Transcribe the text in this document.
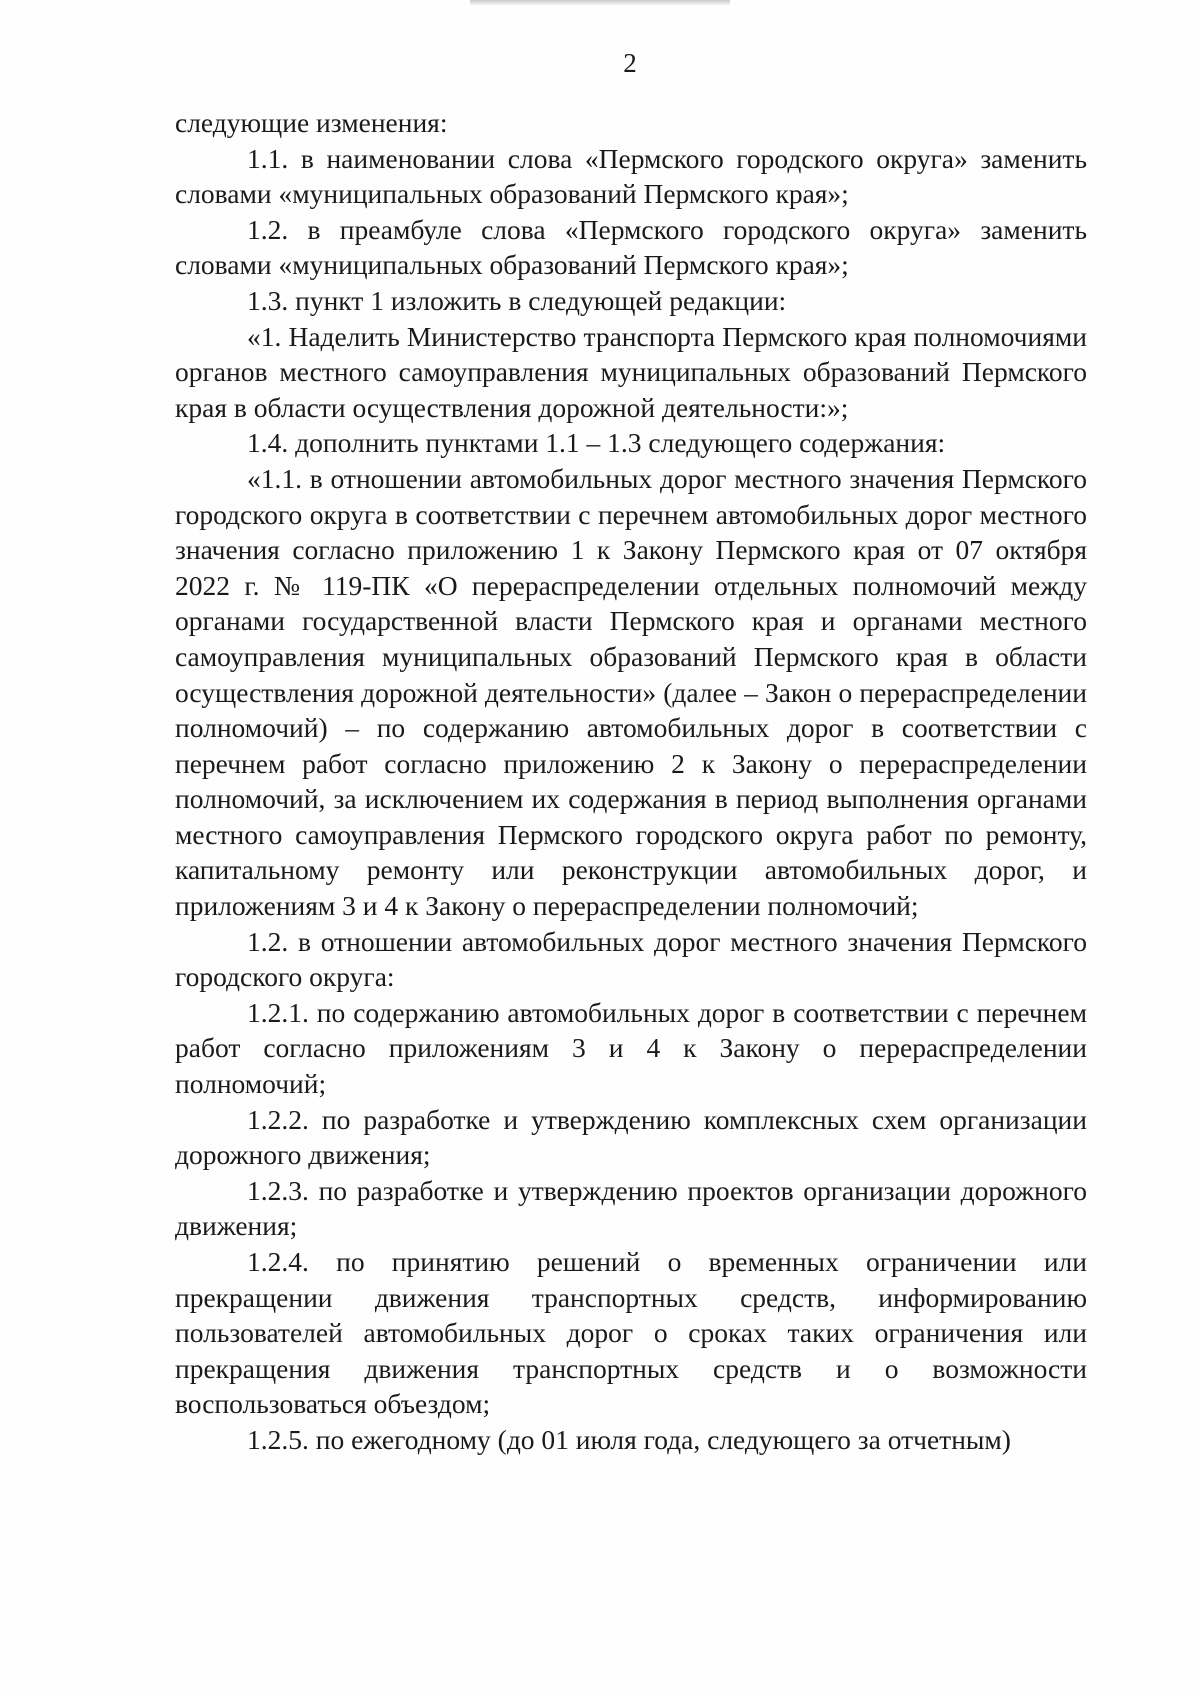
2

следующие изменения:

1.1. в наименовании слова «Пермского городского округа» заменить словами «муниципальных образований Пермского края»;

1.2. в преамбуле слова «Пермского городского округа» заменить словами «муниципальных образований Пермского края»;

1.3. пункт 1 изложить в следующей редакции:

«1. Наделить Министерство транспорта Пермского края полномочиями органов местного самоуправления муниципальных образований Пермского края в области осуществления дорожной деятельности:»;

1.4. дополнить пунктами 1.1 – 1.3 следующего содержания:

«1.1. в отношении автомобильных дорог местного значения Пермского городского округа в соответствии с перечнем автомобильных дорог местного значения согласно приложению 1 к Закону Пермского края от 07 октября 2022 г. № 119-ПК «О перераспределении отдельных полномочий между органами государственной власти Пермского края и органами местного самоуправления муниципальных образований Пермского края в области осуществления дорожной деятельности» (далее – Закон о перераспределении полномочий) – по содержанию автомобильных дорог в соответствии с перечнем работ согласно приложению 2 к Закону о перераспределении полномочий, за исключением их содержания в период выполнения органами местного самоуправления Пермского городского округа работ по ремонту, капитальному ремонту или реконструкции автомобильных дорог, и приложениям 3 и 4 к Закону о перераспределении полномочий;

1.2. в отношении автомобильных дорог местного значения Пермского городского округа:

1.2.1. по содержанию автомобильных дорог в соответствии с перечнем работ согласно приложениям 3 и 4 к Закону о перераспределении полномочий;

1.2.2. по разработке и утверждению комплексных схем организации дорожного движения;

1.2.3. по разработке и утверждению проектов организации дорожного движения;

1.2.4. по принятию решений о временных ограничении или прекращении движения транспортных средств, информированию пользователей автомобильных дорог о сроках таких ограничения или прекращения движения транспортных средств и о возможности воспользоваться объездом;

1.2.5. по ежегодному (до 01 июля года, следующего за отчетным)
